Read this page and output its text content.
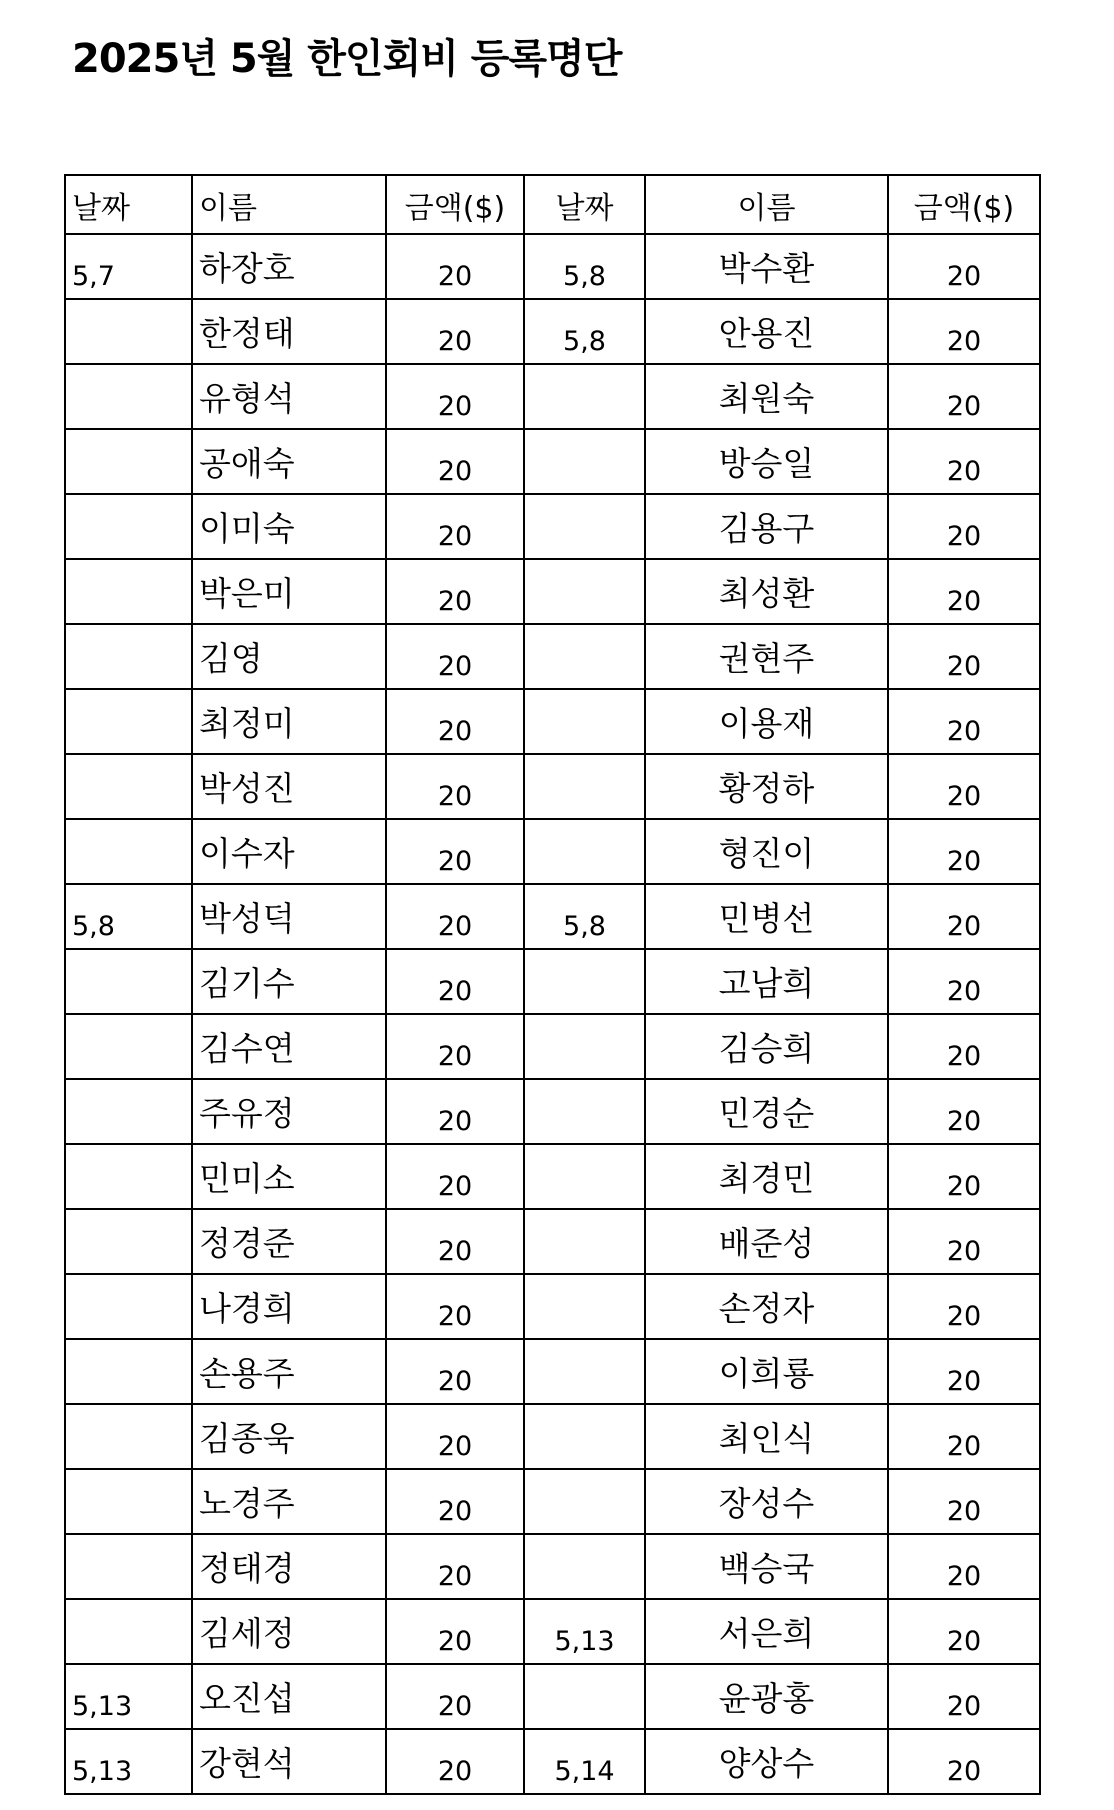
2025년 5월 한인회비 등록명단
날짜	이름	금액($)	날짜	이름	금액($)
5,7	하장호	20	5,8	박수환	20
	한정태	20	5,8	안용진	20
	유형석	20		최원숙	20
	공애숙	20		방승일	20
	이미숙	20		김용구	20
	박은미	20		최성환	20
	김영	20		권현주	20
	최정미	20		이용재	20
	박성진	20		황정하	20
	이수자	20		형진이	20
5,8	박성덕	20	5,8	민병선	20
	김기수	20		고남희	20
	김수연	20		김승희	20
	주유정	20		민경순	20
	민미소	20		최경민	20
	정경준	20		배준성	20
	나경희	20		손정자	20
	손용주	20		이희룡	20
	김종욱	20		최인식	20
	노경주	20		장성수	20
	정태경	20		백승국	20
	김세정	20	5,13	서은희	20
5,13	오진섭	20		윤광홍	20
5,13	강현석	20	5,14	양상수	20
